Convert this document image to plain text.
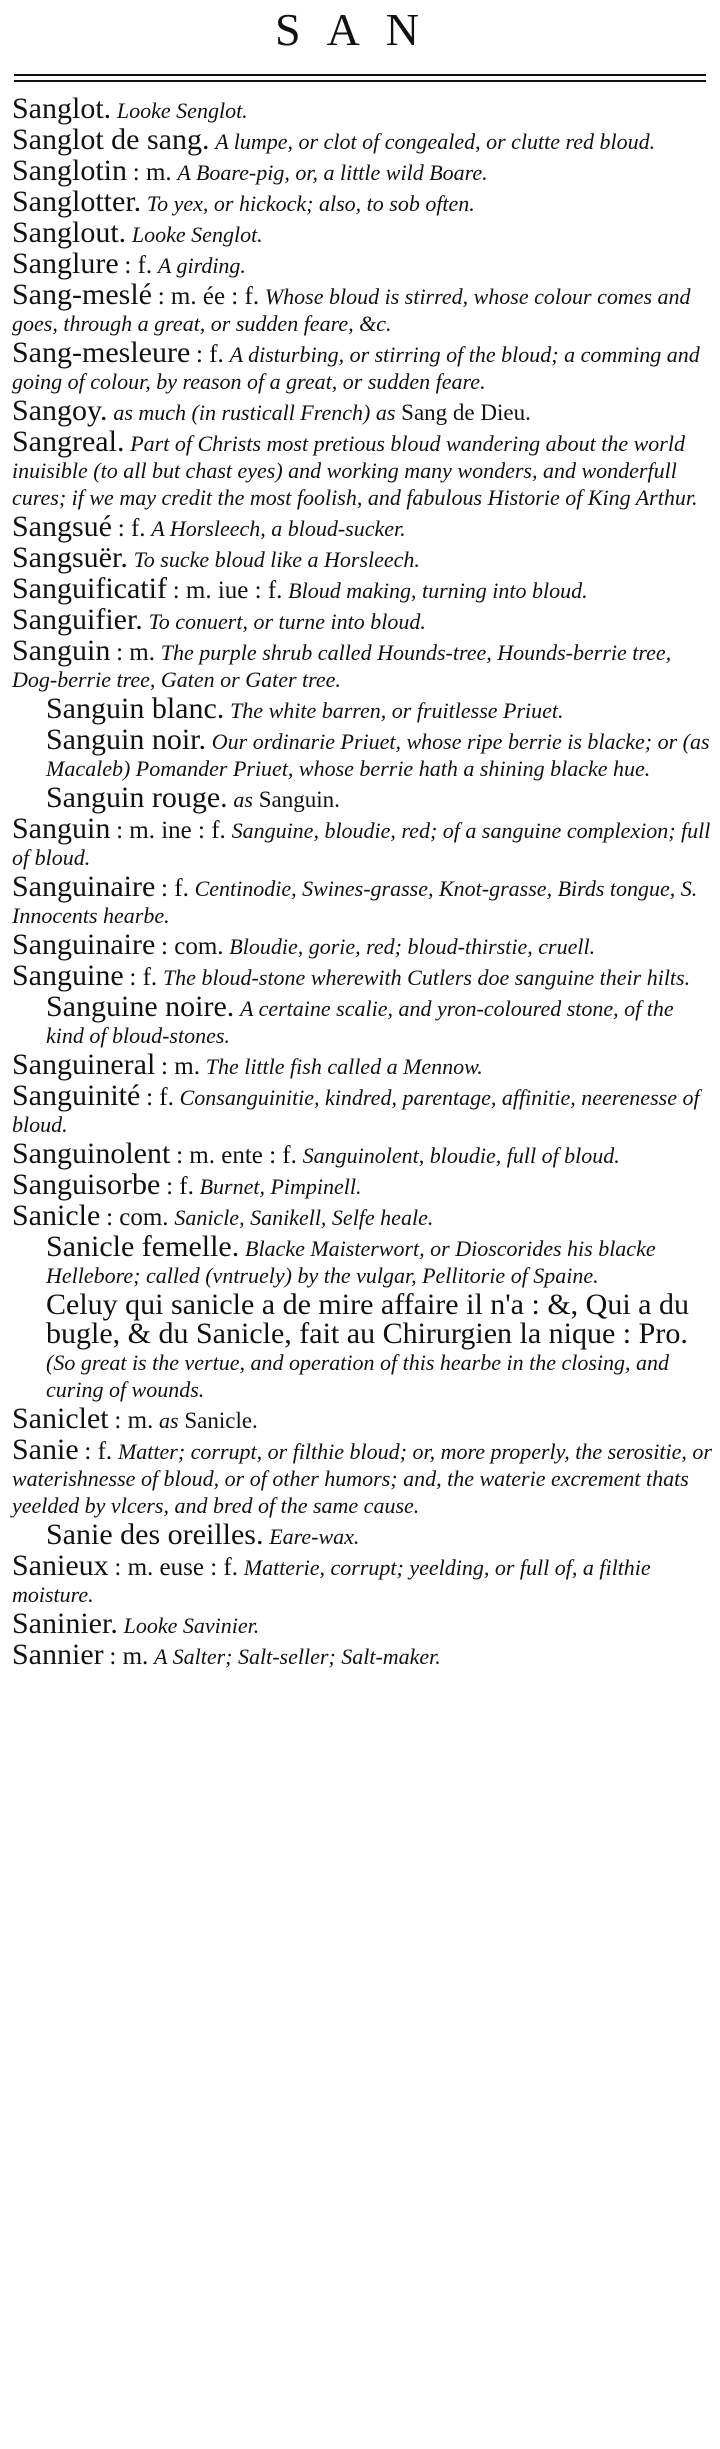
SAN
Sanglot. Looke Senglot.
Sanglot de sang. A lumpe, or clot of congealed, or clutte red bloud.
Sanglotin : m. A Boare-pig, or, a little wild Boare.
Sanglotter. To yex, or hickock; also, to sob often.
Sanglout. Looke Senglot.
Sanglure : f. A girding.
Sang-meslé : m. ée : f. Whose bloud is stirred, whose colour comes and goes, through a great, or sudden feare, &c.
Sang-mesleure : f. A disturbing, or stirring of the bloud; a comming and going of colour, by reason of a great, or sudden feare.
Sangoy. as much (in rusticall French) as Sang de Dieu.
Sangreal. Part of Christs most pretious bloud wandering about the world inuisible (to all but chast eyes) and working many wonders, and wonderfull cures; if we may credit the most foolish, and fabulous Historie of King Arthur.
Sangsué : f. A Horsleech, a bloud-sucker.
Sangsuër. To sucke bloud like a Horsleech.
Sanguificatif : m. iue : f. Bloud making, turning into bloud.
Sanguifier. To conuert, or turne into bloud.
Sanguin : m. The purple shrub called Hounds-tree, Hounds-berrie tree, Dog-berrie tree, Gaten or Gater tree.
Sanguin blanc. The white barren, or fruitlesse Priuet.
Sanguin noir. Our ordinarie Priuet, whose ripe berrie is blacke; or (as Macaleb) Pomander Priuet, whose berrie hath a shining blacke hue.
Sanguin rouge. as Sanguin.
Sanguin : m. ine : f. Sanguine, bloudie, red; of a sanguine complexion; full of bloud.
Sanguinaire : f. Centinodie, Swines-grasse, Knot-grasse, Birds tongue, S. Innocents hearbe.
Sanguinaire : com. Bloudie, gorie, red; bloud-thirstie, cruell.
Sanguine : f. The bloud-stone wherewith Cutlers doe sanguine their hilts.
Sanguine noire. A certaine scalie, and yron-coloured stone, of the kind of bloud-stones.
Sanguineral : m. The little fish called a Mennow.
Sanguinité : f. Consanguinitie, kindred, parentage, affinitie, neerenesse of bloud.
Sanguinolent : m. ente : f. Sanguinolent, bloudie, full of bloud.
Sanguisorbe : f. Burnet, Pimpinell.
Sanicle : com. Sanicle, Sanikell, Selfe heale.
Sanicle femelle. Blacke Maisterwort, or Dioscorides his blacke Hellebore; called (vntruely) by the vulgar, Pellitorie of Spaine.
Celuy qui sanicle a de mire affaire il n'a : &, Qui a du bugle, & du Sanicle, fait au Chirurgien la nique : Pro. (So great is the vertue, and operation of this hearbe in the closing, and curing of wounds.
Saniclet : m. as Sanicle.
Sanie : f. Matter; corrupt, or filthie bloud; or, more properly, the serositie, or waterishnesse of bloud, or of other humors; and, the waterie excrement thats yeelded by vlcers, and bred of the same cause.
Sanie des oreilles. Eare-wax.
Sanieux : m. euse : f. Matterie, corrupt; yeelding, or full of, a filthie moisture.
Saninier. Looke Savinier.
Sannier : m. A Salter; Salt-seller; Salt-maker.
